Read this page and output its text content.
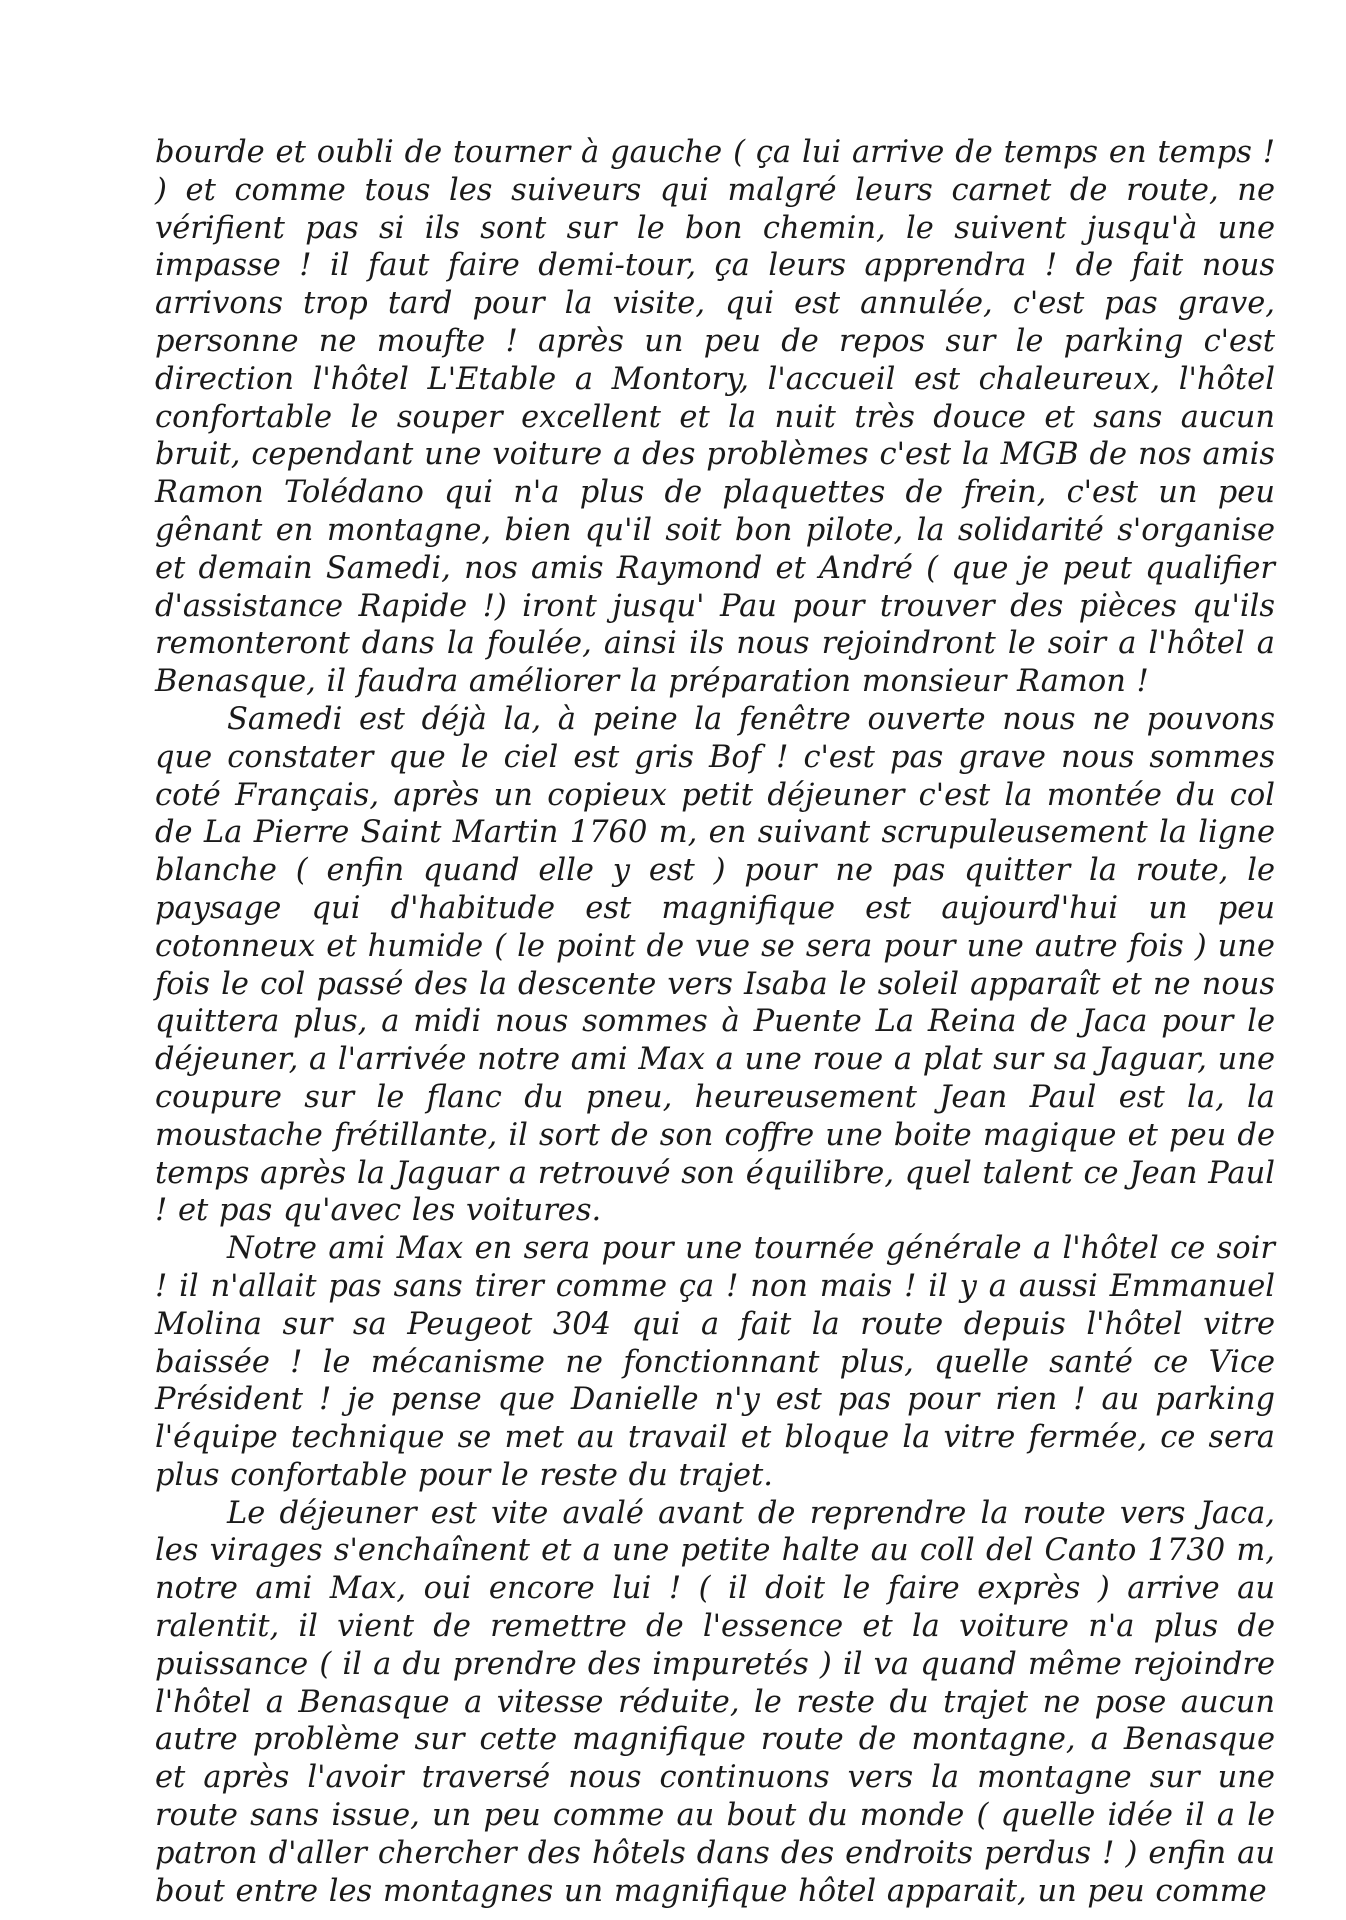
bourde et oubli de tourner à gauche ( ça lui arrive de temps en temps ! ) et comme tous les suiveurs qui malgré leurs carnet de route, ne vérifient pas si ils sont sur le bon chemin, le suivent jusqu'à une impasse ! il faut faire demi-tour, ça leurs apprendra ! de fait nous arrivons trop tard pour la visite, qui est annulée, c'est pas grave, personne ne moufte ! après un peu de repos sur le parking c'est direction l'hôtel L'Etable a Montory, l'accueil est chaleureux, l'hôtel confortable le souper excellent et la nuit très douce et sans aucun bruit, cependant une voiture a des problèmes c'est la MGB de nos amis Ramon Tolédano qui n'a plus de plaquettes de frein, c'est un peu gênant en montagne, bien qu'il soit bon pilote, la solidarité s'organise et demain Samedi, nos amis Raymond et André ( que je peut qualifier d'assistance Rapide !) iront jusqu' Pau pour trouver des pièces qu'ils remonteront dans la foulée, ainsi ils nous rejoindront le soir a l'hôtel a Benasque, il faudra améliorer la préparation monsieur Ramon !

Samedi est déjà la, à peine la fenêtre ouverte nous ne pouvons que constater que le ciel est gris Bof ! c'est pas grave nous sommes coté Français, après un copieux petit déjeuner c'est la montée du col de La Pierre Saint Martin 1760 m, en suivant scrupuleusement la ligne blanche ( enfin quand elle y est ) pour ne pas quitter la route, le paysage qui d'habitude est magnifique est aujourd'hui un peu cotonneux et humide ( le point de vue se sera pour une autre fois ) une fois le col passé des la descente vers Isaba le soleil apparaît et ne nous quittera plus, a midi nous sommes à Puente La Reina de Jaca pour le déjeuner, a l'arrivée notre ami Max a une roue a plat sur sa Jaguar, une coupure sur le flanc du pneu, heureusement Jean Paul est la, la moustache frétillante, il sort de son coffre une boite magique et peu de temps après la Jaguar a retrouvé son équilibre, quel talent ce Jean Paul ! et pas qu'avec les voitures.

Notre ami Max en sera pour une tournée générale a l'hôtel ce soir ! il n'allait pas sans tirer comme ça ! non mais ! il y a aussi Emmanuel Molina sur sa Peugeot 304 qui a fait la route depuis l'hôtel vitre baissée ! le mécanisme ne fonctionnant plus, quelle santé ce Vice Président ! je pense que Danielle n'y est pas pour rien ! au parking l'équipe technique se met au travail et bloque la vitre fermée, ce sera plus confortable pour le reste du trajet.

Le déjeuner est vite avalé avant de reprendre la route vers Jaca, les virages s'enchaînent et a une petite halte au coll del Canto 1730 m, notre ami Max, oui encore lui ! ( il doit le faire exprès ) arrive au ralentit, il vient de remettre de l'essence et la voiture n'a plus de puissance ( il a du prendre des impuretés ) il va quand même rejoindre l'hôtel a Benasque a vitesse réduite, le reste du trajet ne pose aucun autre problème sur cette magnifique route de montagne, a Benasque et après l'avoir traversé nous continuons vers la montagne sur une route sans issue, un peu comme au bout du monde ( quelle idée il a le patron d'aller chercher des hôtels dans des endroits perdus ! ) enfin au bout entre les montagnes un magnifique hôtel apparait, un peu comme
